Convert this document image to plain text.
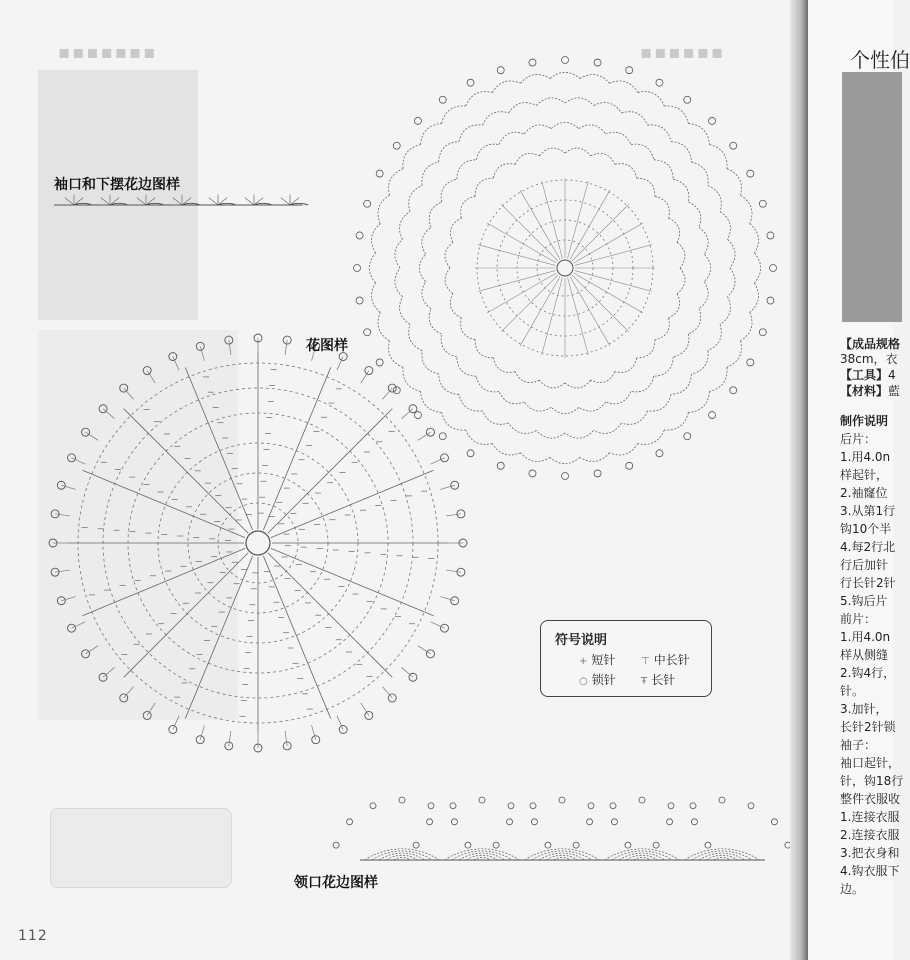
▪▪▪▪▪▪▪	▪▪▪▪▪▪
袖口和下摆花边图样
花图样
领口花边图样
符号说明
+ 短针	⊤ 中长针
○ 锁针	Ŧ 长针
112
个性伯
【成品规格
38cm，衣
【工具】4
【材料】藍
制作说明
后片：
1.用4.0n
样起针，
2.袖窿位
3.从第1行
钩10个半
4.每2行北
行后加针
行长针2针
5.钩后片
前片：
1.用4.0n
样从侧缝
2.钩4行，
针。
3.加针，
长针2针锁
袖子：
袖口起针，
针，钩18行
整件衣服收
1.连接衣服
2.连接衣服
3.把衣身和
4.钩衣服下
边。
